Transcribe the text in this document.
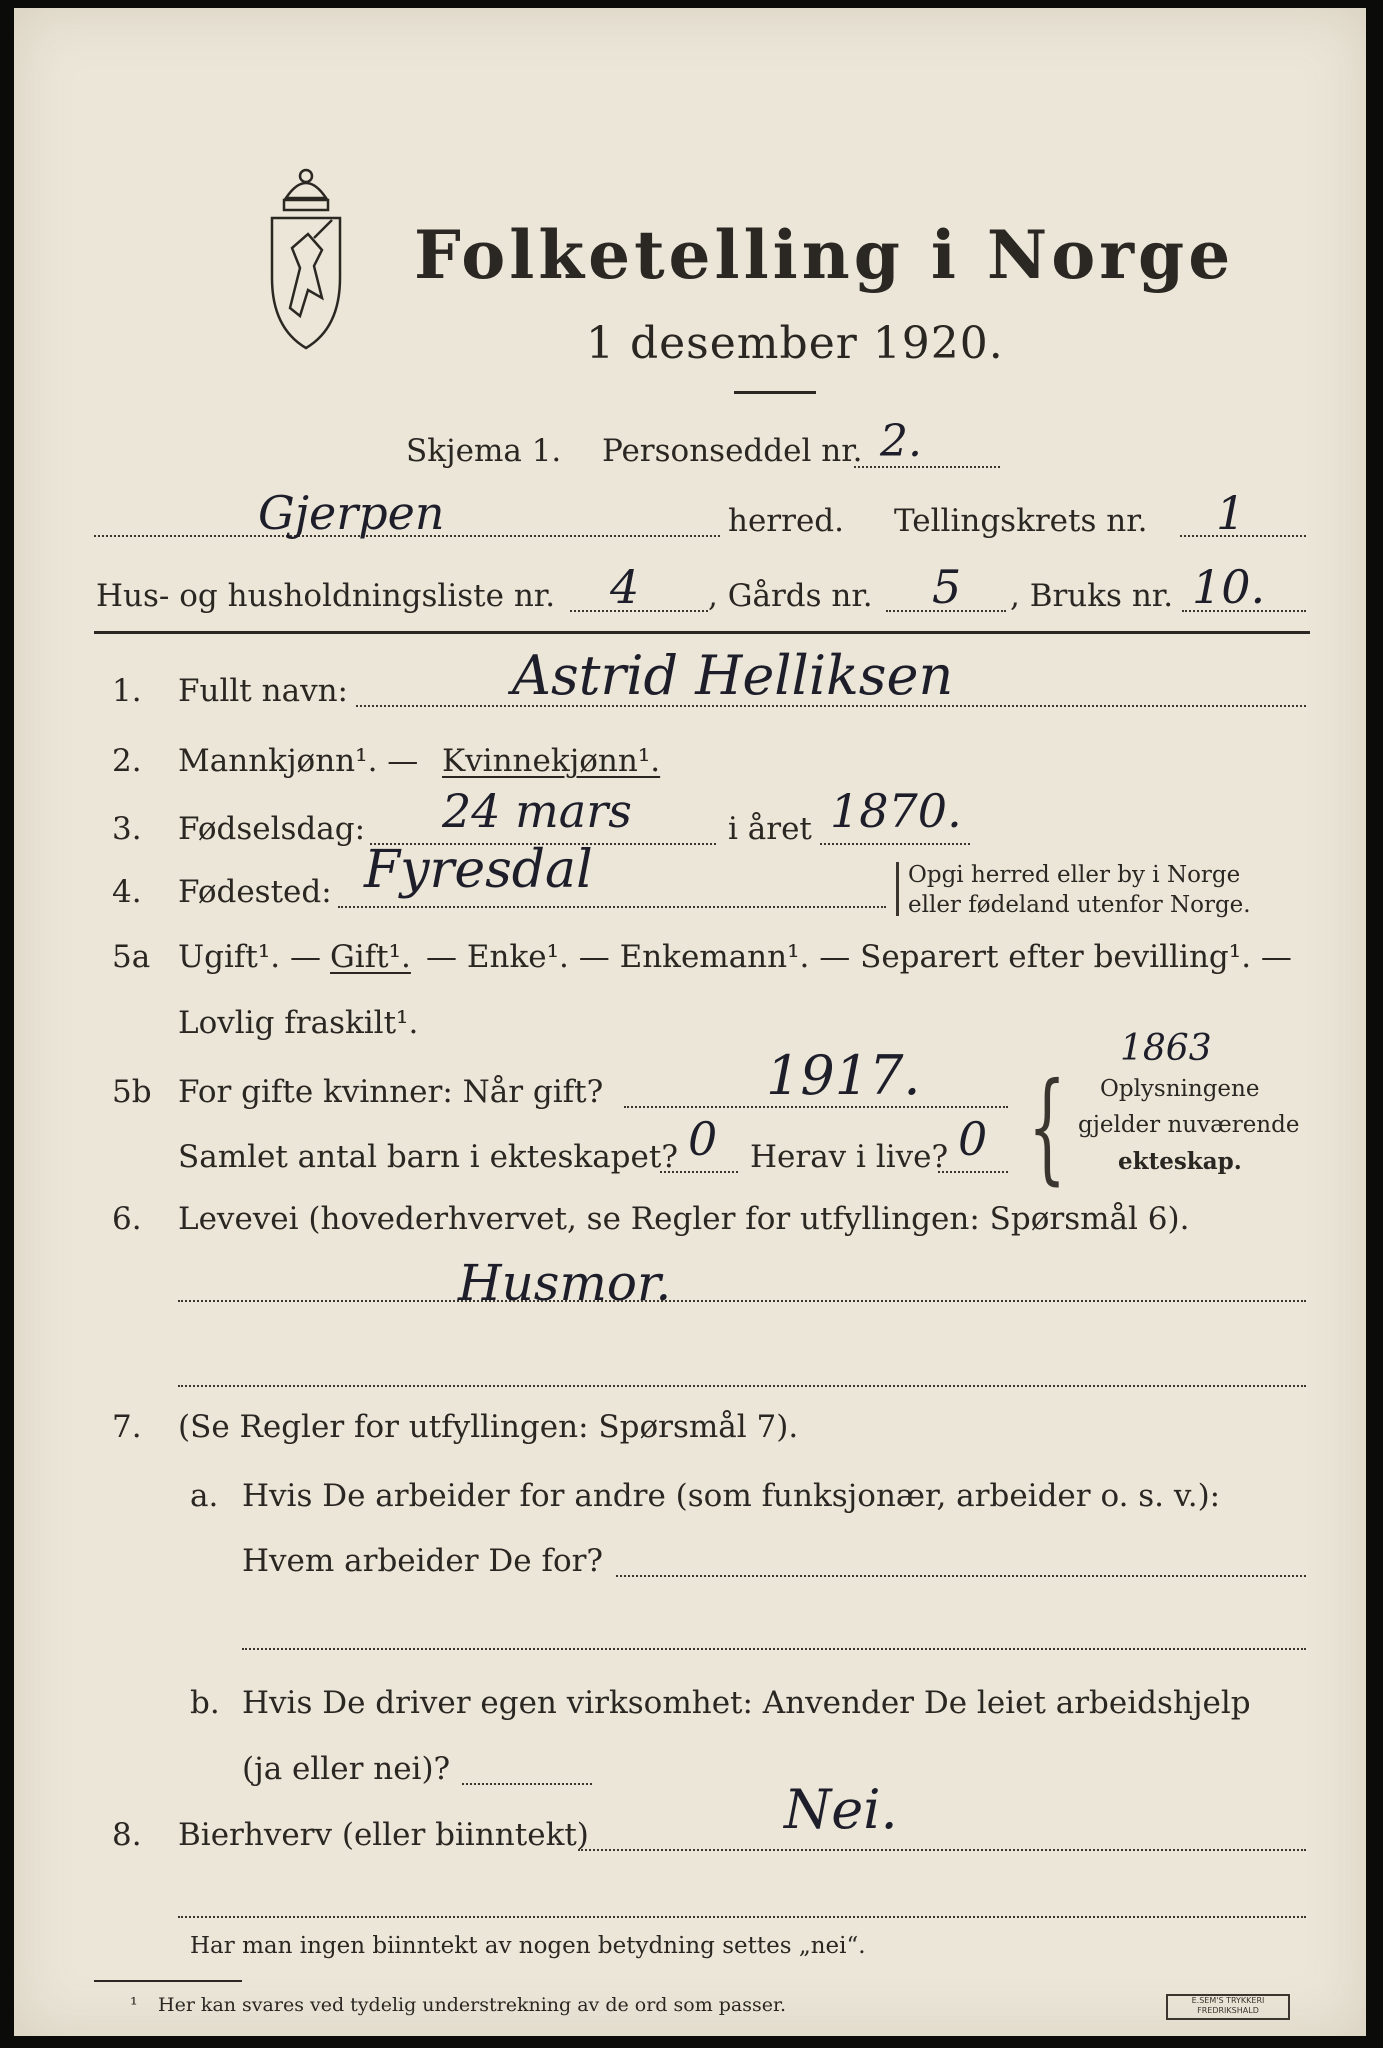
Folketelling i Norge
1 desember 1920.
Skjema 1. Personseddel nr. 2.
Gjerpen	herred. Tellingskrets nr. 1
Hus- og husholdningsliste nr. 4 , Gårds nr. 5 , Bruks nr. 10.
1. Fullt navn:	Astrid Helliksen
2. Mannkjønn¹. — Kvinnekjønn¹.
3. Fødselsdag: 24 mars	i året 1870.
4. Fødested: Fyresdal	Opgi herred eller by i Norge
eller fødeland utenfor Norge.
5a Ugift¹. — Gift¹. — Enke¹. — Enkemann¹. — Separert efter bevilling¹. —
Lovlig fraskilt¹.
5b For gifte kvinner: Når gift?	1917.	1863
Samlet antal barn i ekteskapet? 0 Herav i live? 0 { Oplysningene
gjelder nuværende
ekteskap.
6. Levevei (hovederhvervet, se Regler for utfyllingen: Spørsmål 6).
Husmor.
7. (Se Regler for utfyllingen: Spørsmål 7).
a. Hvis De arbeider for andre (som funksjonær, arbeider o. s. v.):
Hvem arbeider De for?
b. Hvis De driver egen virksomhet: Anvender De leiet arbeidshjelp
(ja eller nei)?
8. Bierhverv (eller biinntekt)	Nei.
Har man ingen biinntekt av nogen betydning settes „nei“.
¹ Her kan svares ved tydelig understrekning av de ord som passer.	E.SEM'S TRYKKERI
FREDRIKSHALD
